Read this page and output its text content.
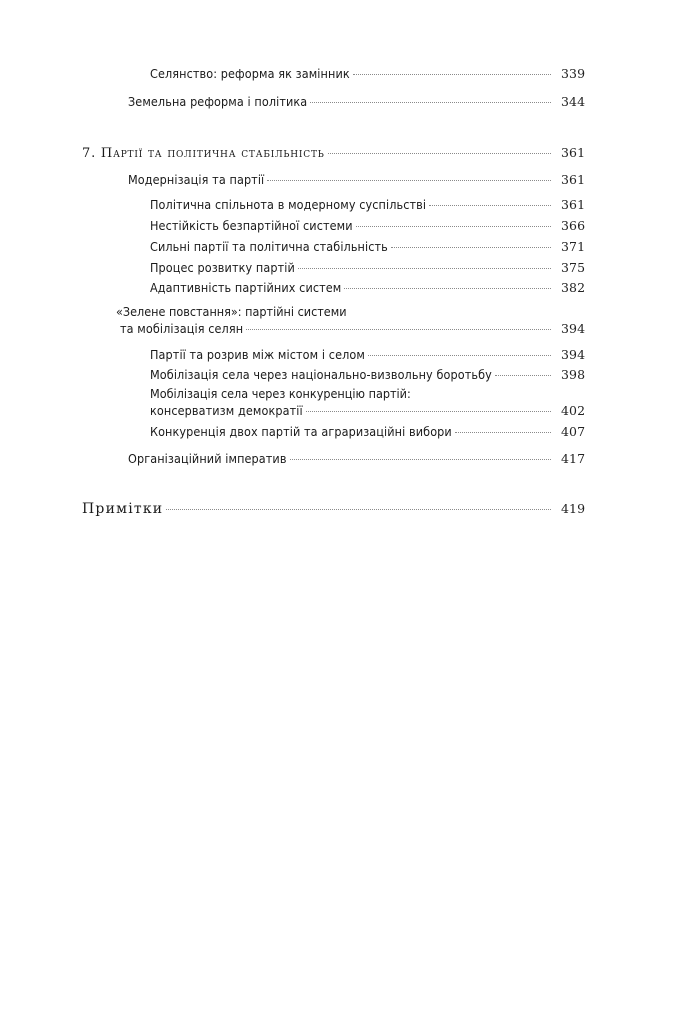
Селянство: реформа як замінник	339
Земельна реформа і політика	344
7. Партії та політична стабільність	361
Модернізація та партії	361
Політична спільнота в модерному суспільстві	361
Нестійкість безпартійної системи	366
Сильні партії та політична стабільність	371
Процес розвитку партій	375
Адаптивність партійних систем	382
«Зелене повстання»: партійні системи
та мобілізація селян	394
Партії та розрив між містом і селом	394
Мобілізація села через національно-визвольну боротьбу	398
Мобілізація села через конкуренцію партій:
консерватизм демократії	402
Конкуренція двох партій та аграризаційні вибори	407
Організаційний імператив	417
Примітки	419
